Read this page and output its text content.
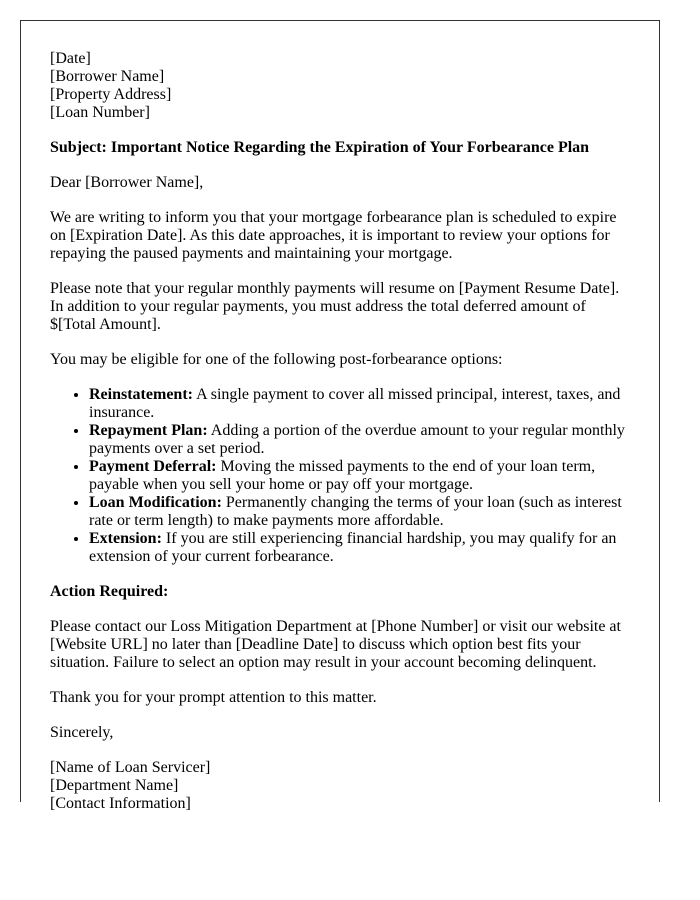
[Date]
[Borrower Name]
[Property Address]
[Loan Number]

Subject: Important Notice Regarding the Expiration of Your Forbearance Plan

Dear [Borrower Name],

We are writing to inform you that your mortgage forbearance plan is scheduled to expire on [Expiration Date]. As this date approaches, it is important to review your options for repaying the paused payments and maintaining your mortgage.

Please note that your regular monthly payments will resume on [Payment Resume Date]. In addition to your regular payments, you must address the total deferred amount of $[Total Amount].

You may be eligible for one of the following post-forbearance options:

• Reinstatement: A single payment to cover all missed principal, interest, taxes, and insurance.
• Repayment Plan: Adding a portion of the overdue amount to your regular monthly payments over a set period.
• Payment Deferral: Moving the missed payments to the end of your loan term, payable when you sell your home or pay off your mortgage.
• Loan Modification: Permanently changing the terms of your loan (such as interest rate or term length) to make payments more affordable.
• Extension: If you are still experiencing financial hardship, you may qualify for an extension of your current forbearance.

Action Required:

Please contact our Loss Mitigation Department at [Phone Number] or visit our website at [Website URL] no later than [Deadline Date] to discuss which option best fits your situation. Failure to select an option may result in your account becoming delinquent.

Thank you for your prompt attention to this matter.

Sincerely,

[Name of Loan Servicer]
[Department Name]
[Contact Information]
